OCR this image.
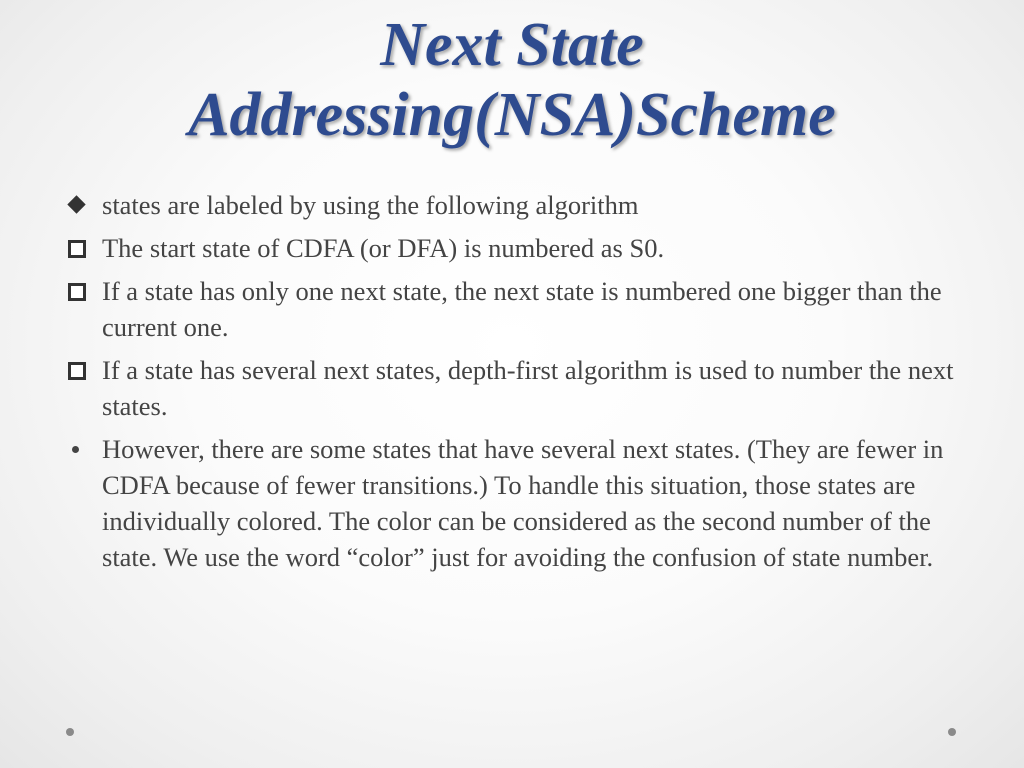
Next State
Addressing(NSA)Scheme
states are labeled by using the following algorithm
The start state of CDFA (or DFA) is numbered as S0.
If a state has only one next state, the next state is numbered one bigger than the current one.
If a state has several next states, depth-first algorithm is used to number the next states.
However, there are some states that have several next states. (They are fewer in CDFA because of fewer transitions.) To handle this situation, those states are individually colored. The color can be considered as the second number of the state. We use the word “color” just for avoiding the confusion of state number.
